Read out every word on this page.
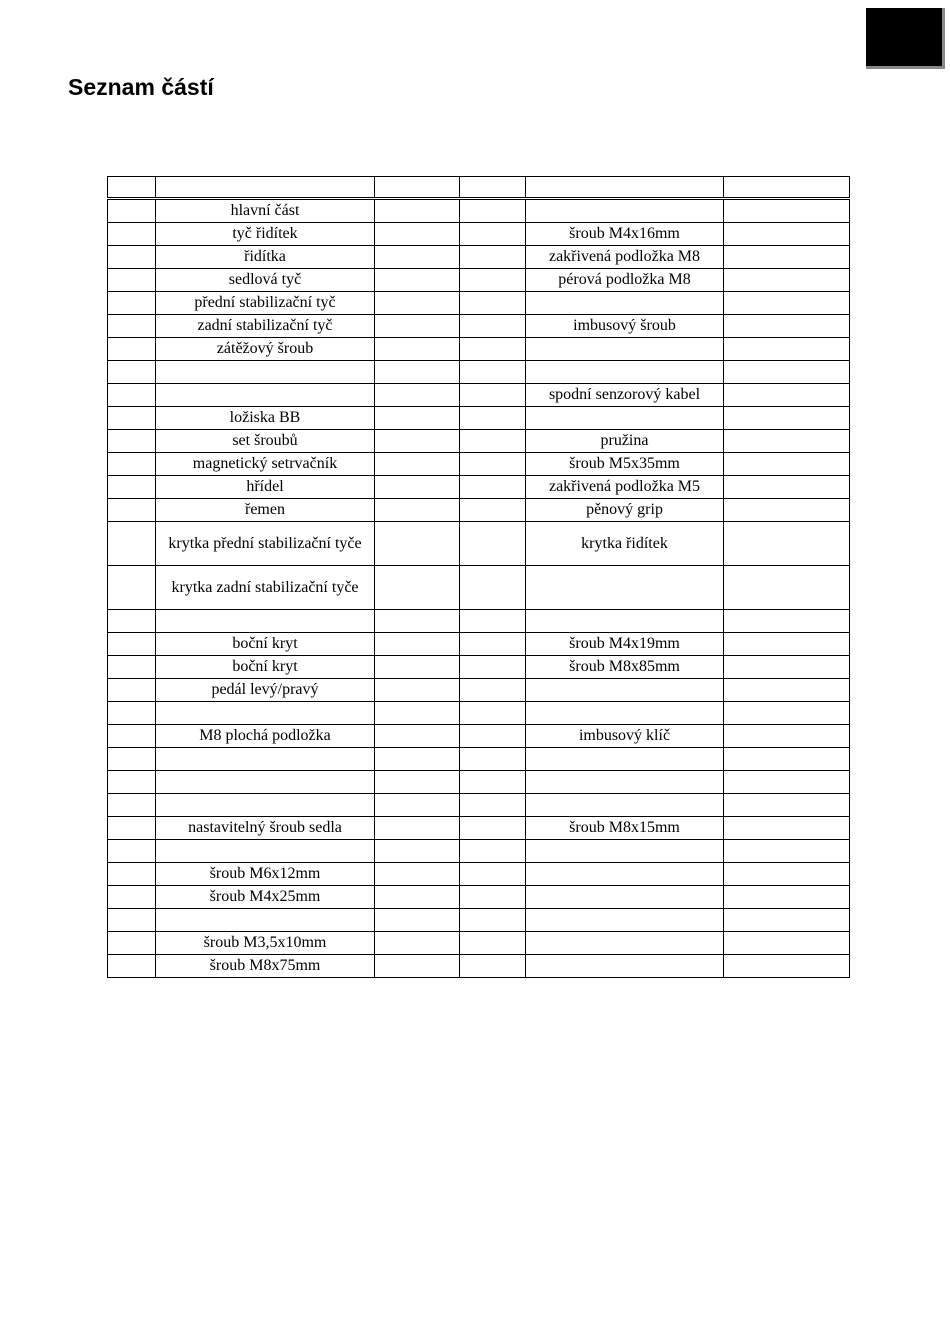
Seznam částí

	hlavní část				
	tyč řidítek			šroub M4x16mm	
	řidítka			zakřivená podložka M8	
	sedlová tyč			pérová podložka M8	
	přední stabilizační tyč				
	zadní stabilizační tyč			imbusový šroub	
	zátěžový šroub				

				spodní senzorový kabel	
	ložiska BB				
	set šroubů			pružina	
	magnetický setrvačník			šroub M5x35mm	
	hřídel			zakřivená podložka M5	
	řemen			pěnový grip	
	krytka přední stabilizační tyče			krytka řidítek	
	krytka zadní stabilizační tyče				

	boční kryt			šroub M4x19mm	
	boční kryt			šroub M8x85mm	
	pedál levý/pravý				

	M8 plochá podložka			imbusový klíč	

	nastavitelný šroub sedla			šroub M8x15mm	

	šroub M6x12mm				
	šroub M4x25mm				

	šroub M3,5x10mm				
	šroub M8x75mm				
